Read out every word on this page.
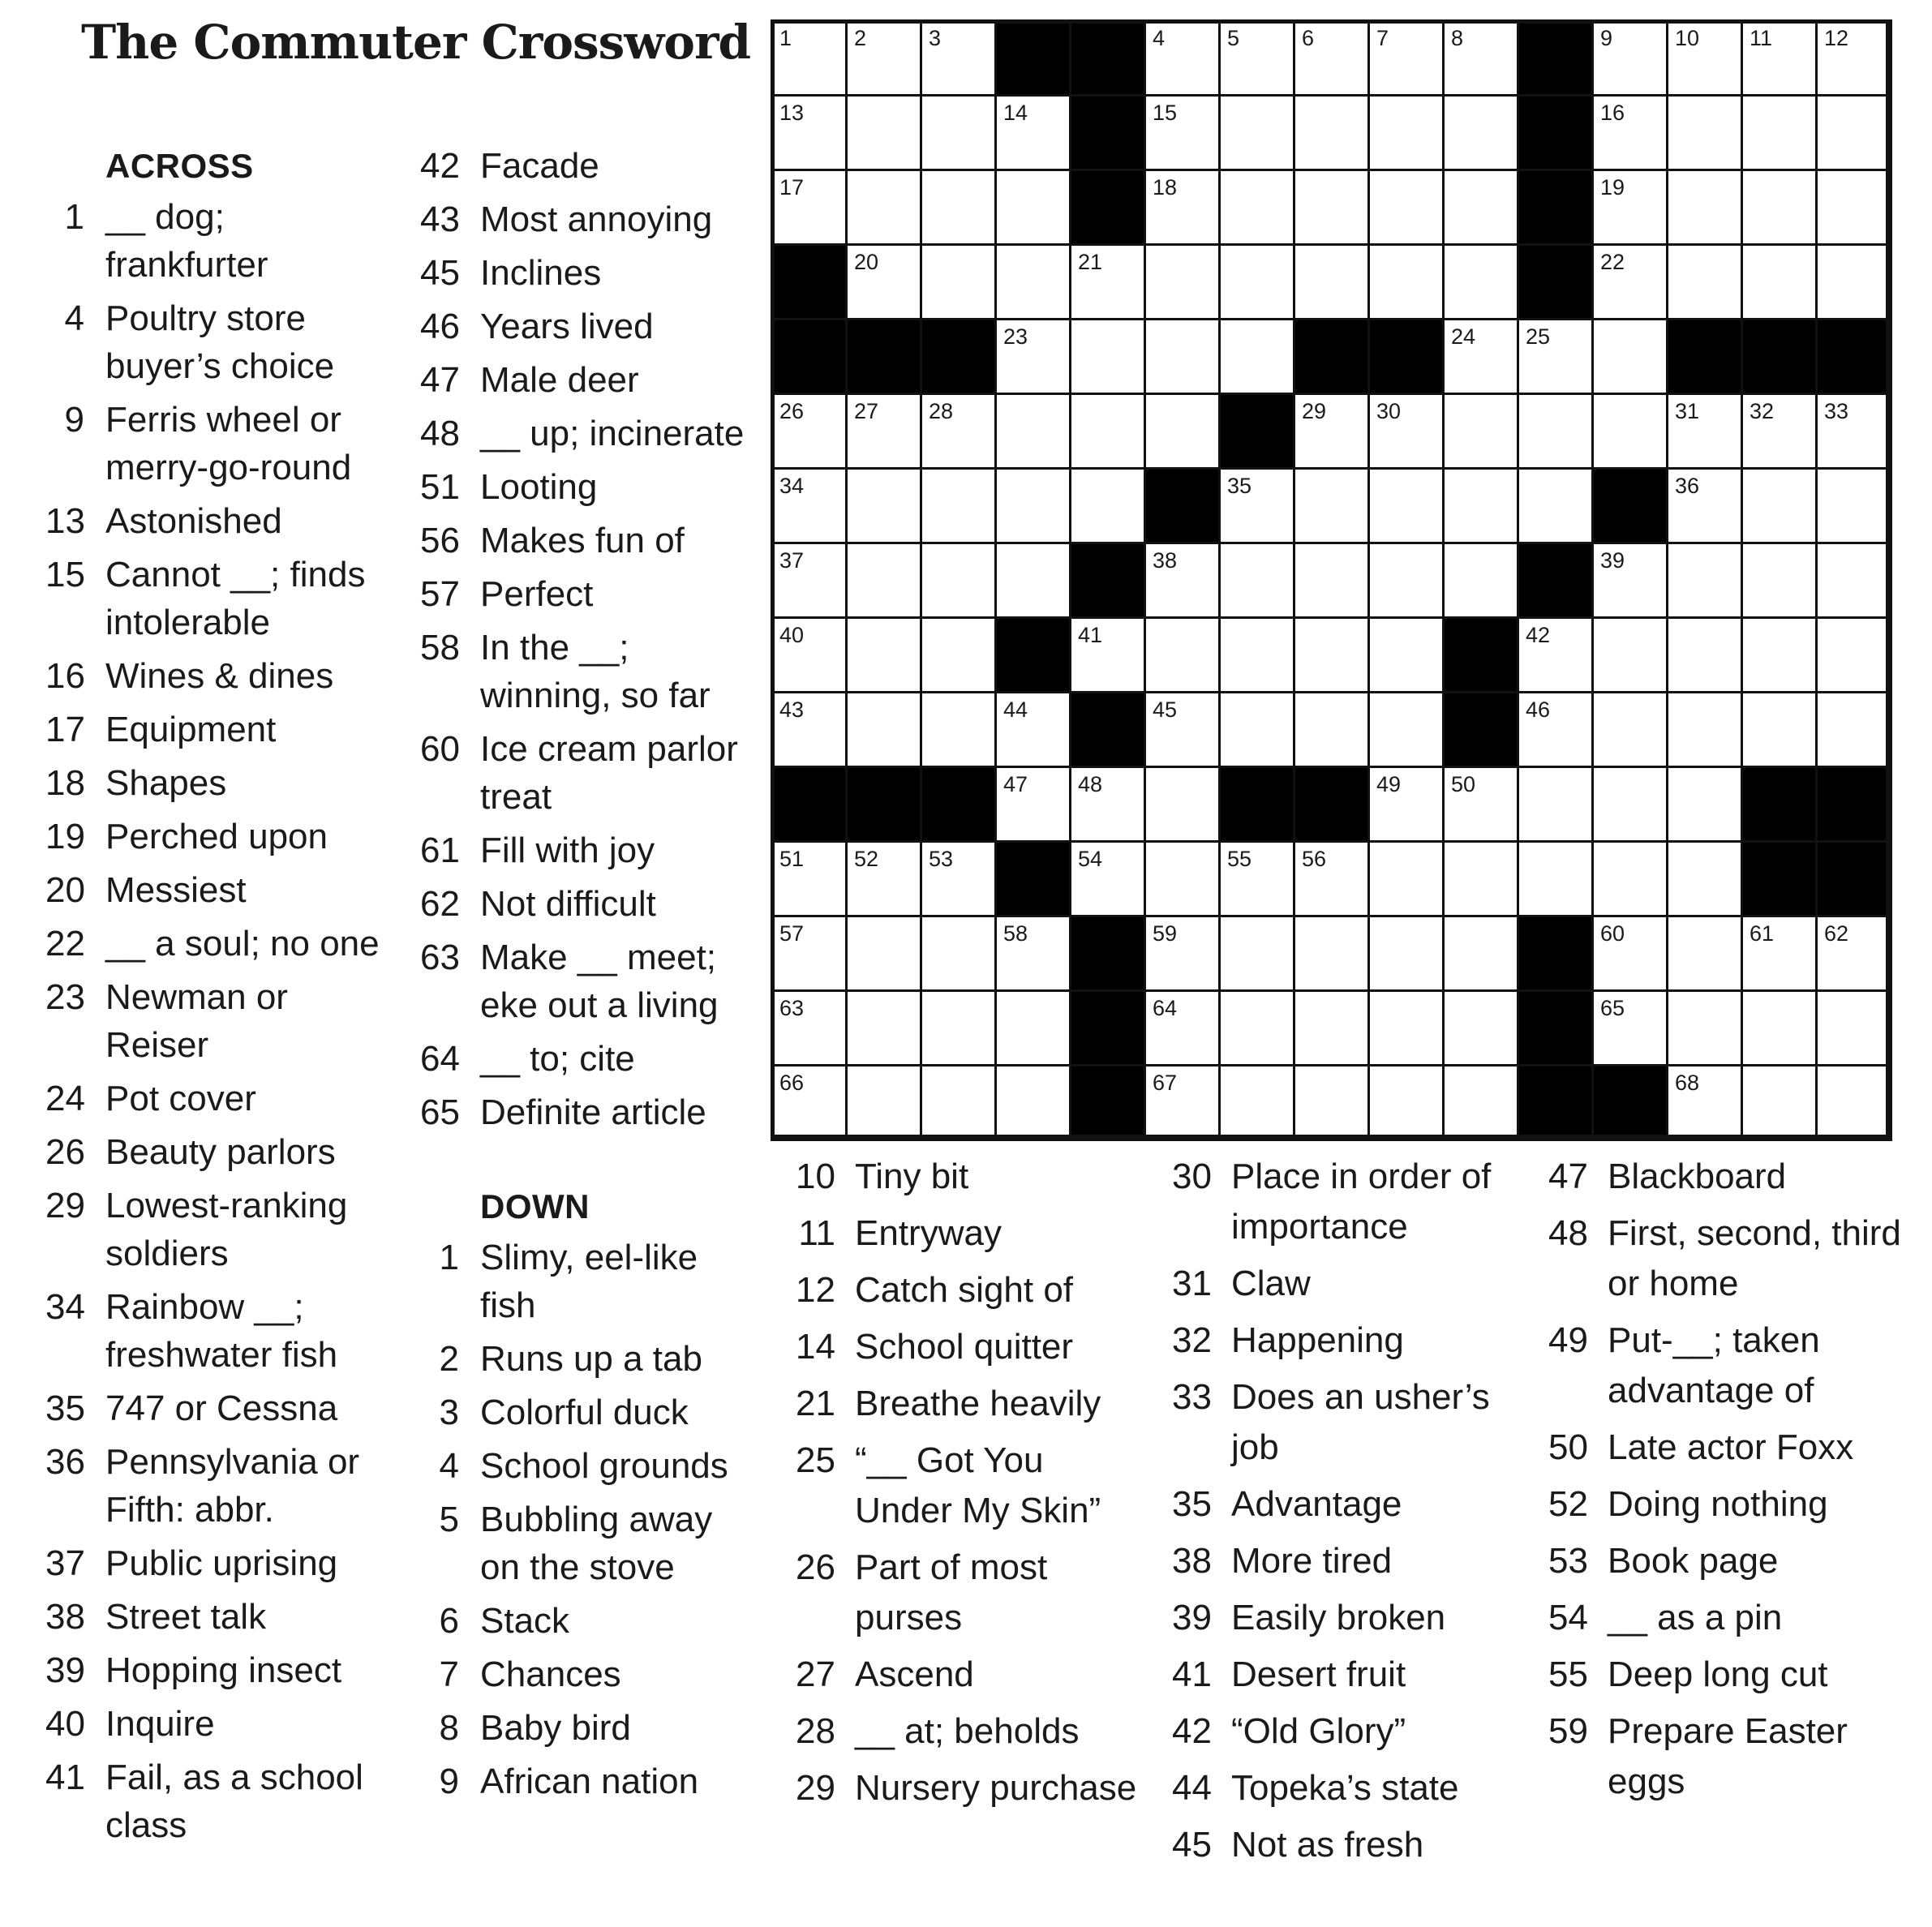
The Commuter Crossword
ACROSS
1 __ dog; frankfurter
4 Poultry store buyer’s choice
9 Ferris wheel or merry-go-round
13 Astonished
15 Cannot __; finds intolerable
16 Wines & dines
17 Equipment
18 Shapes
19 Perched upon
20 Messiest
22 __ a soul; no one
23 Newman or Reiser
24 Pot cover
26 Beauty parlors
29 Lowest-ranking soldiers
34 Rainbow __; freshwater fish
35 747 or Cessna
36 Pennsylvania or Fifth: abbr.
37 Public uprising
38 Street talk
39 Hopping insect
40 Inquire
41 Fail, as a school class
42 Facade
43 Most annoying
45 Inclines
46 Years lived
47 Male deer
48 __ up; incinerate
51 Looting
56 Makes fun of
57 Perfect
58 In the __; winning, so far
60 Ice cream parlor treat
61 Fill with joy
62 Not difficult
63 Make __ meet; eke out a living
64 __ to; cite
65 Definite article
DOWN
1 Slimy, eel-like fish
2 Runs up a tab
3 Colorful duck
4 School grounds
5 Bubbling away on the stove
6 Stack
7 Chances
8 Baby bird
9 African nation
10 Tiny bit
11 Entryway
12 Catch sight of
14 School quitter
21 Breathe heavily
25 “__ Got You Under My Skin”
26 Part of most purses
27 Ascend
28 __ at; beholds
29 Nursery purchase
30 Place in order of importance
31 Claw
32 Happening
33 Does an usher’s job
35 Advantage
38 More tired
39 Easily broken
41 Desert fruit
42 “Old Glory”
44 Topeka’s state
45 Not as fresh
47 Blackboard
48 First, second, third or home
49 Put-__; taken advantage of
50 Late actor Foxx
52 Doing nothing
53 Book page
54 __ as a pin
55 Deep long cut
59 Prepare Easter eggs
1	2	3	4	5	6	7	8	9	10 11 12
13	14	15	16
17	18	19
20	21	22
23	24 25
26 27 28	29 30	31 32 33
34	35	36
37	38	39
40	41	42
43	44	45	46
47 48	49 50
51 52 53	54	55 56
57	58	59	60	61 62
63	64	65
66	67	68
